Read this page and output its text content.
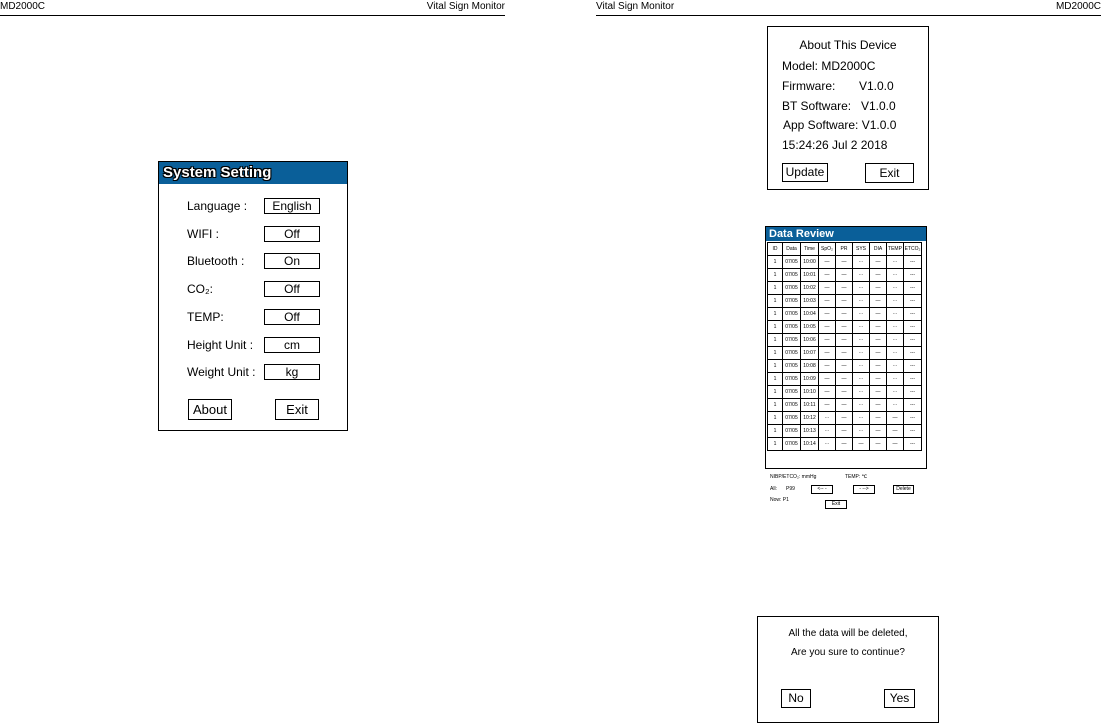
MD2000C	Vital Sign Monitor	Vital Sign Monitor	MD2000C
System Setting
Language :	English
WIFI :	Off
Bluetooth :	On
CO₂:	Off
TEMP:	Off
Height Unit :	cm
Weight Unit :	kg
About	Exit
About This Device
Model: MD2000C
Firmware: V1.0.0
BT Software: V1.0.0
App Software: V1.0.0
15:24:26 Jul 2 2018
Update	Exit
Data Review
ID	Data	Time	SpO₂	PR	SYS	DIA	TEMP	ETCO₂
1	07/05	10:00	—	—	···	—	···	---
1	07/05	10:01	—	—	···	—	···	---
1	07/05	10:02	—	—	···	—	···	---
1	07/05	10:03	—	—	···	—	···	---
1	07/05	10:04	—	—	···	—	···	---
1	07/05	10:05	—	—	···	—	···	---
1	07/05	10:06	—	—	···	—	···	---
1	07/05	10:07	—	—	···	—	···	---
1	07/05	10:08	—	—	···	—	···	---
1	07/05	10:09	—	—	···	—	···	---
1	07/05	10:10	—	—	···	—	···	---
1	07/05	10:11	—	—	···	—	···	---
1	07/05	10:12	···	—	···	—	—	---
1	07/05	10:13	···	—	···	—	—	---
1	07/05	10:14	···	—	—	—	—	---
NIBP/ETCO₂: mmHg	TEMP: ℃
All: P99	<-- -	- -->	Delete
Now: P1
Exit
All the data will be deleted,
Are you sure to continue?
No	Yes
